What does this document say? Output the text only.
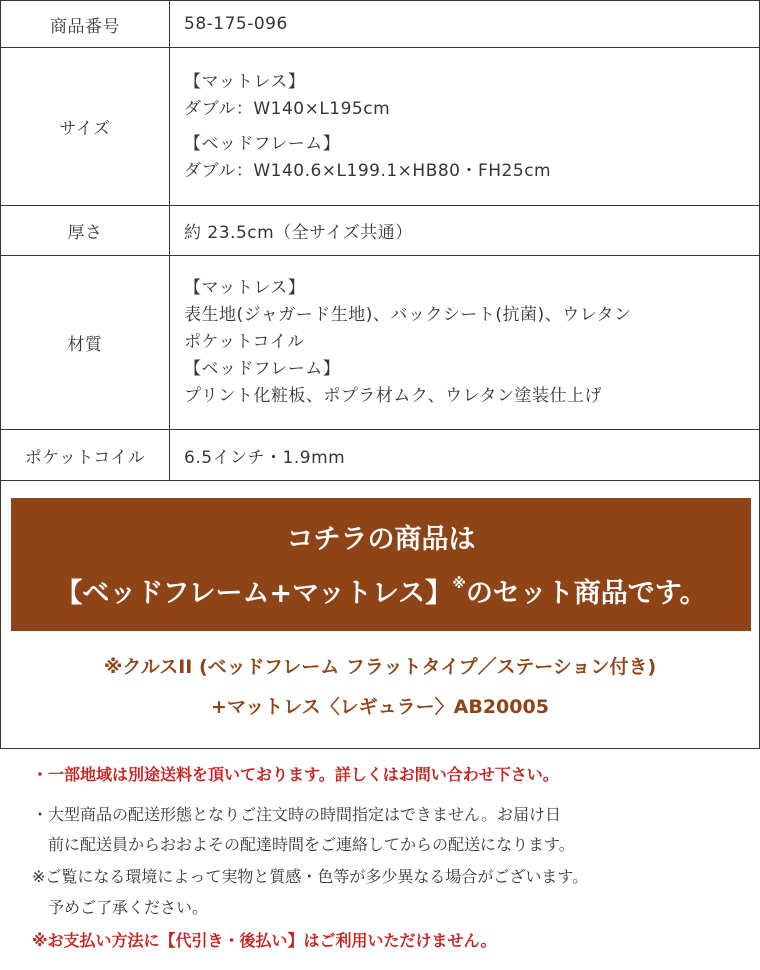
商品番号	58-175-096
サイズ	【マットレス】
ダブル：W140×L195cm
【ベッドフレーム】
ダブル：W140.6×L199.1×HB80・FH25cm

厚さ	約 23.5cm（全サイズ共通）
材質	【マットレス】
表生地(ジャガード生地)、バックシート(抗菌)、ウレタン
ポケットコイル
【ベッドフレーム】
プリント化粧板、ポプラ材ムク、ウレタン塗装仕上げ

ポケットコイル	6.5インチ・1.9mm
コチラの商品は
【ベッドフレーム+マットレス】※のセット商品です。
※クルスII (ベッドフレーム フラットタイプ／ステーション付き)
+マットレス〈レギュラー〉AB20005
・一部地域は別途送料を頂いております。詳しくはお問い合わせ下さい。
・大型商品の配送形態となりご注文時の時間指定はできません。お届け日
　前に配送員からおおよその配達時間をご連絡してからの配送になります。
※ご覧になる環境によって実物と質感・色等が多少異なる場合がございます。
　予めご了承ください。
※お支払い方法に【代引き・後払い】はご利用いただけません。
